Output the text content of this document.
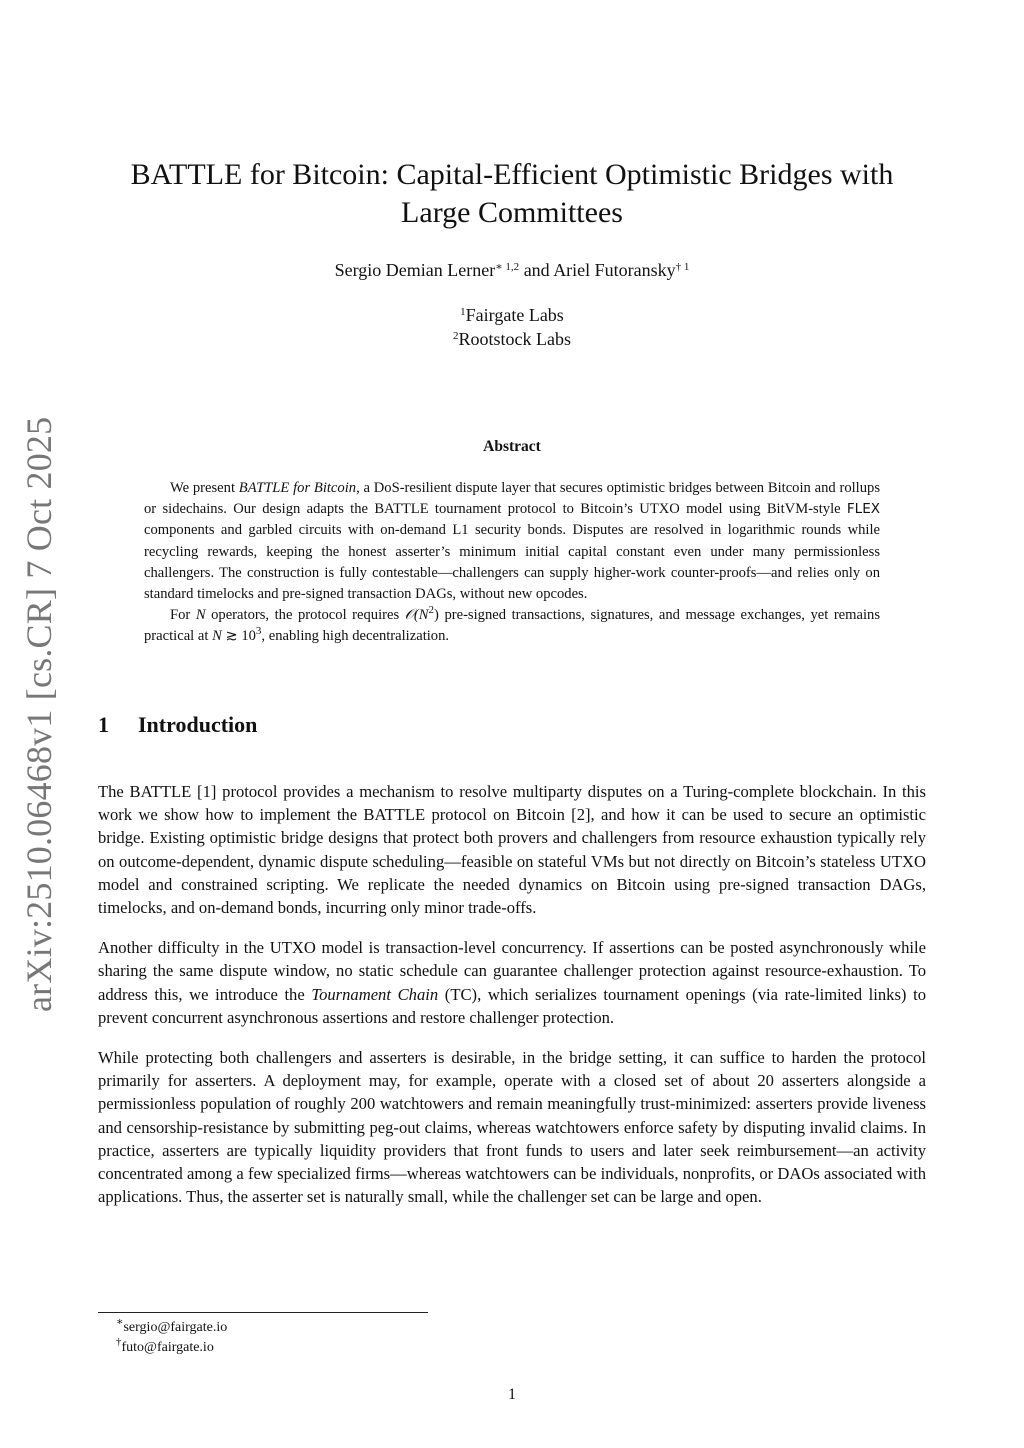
arXiv:2510.06468v1 [cs.CR] 7 Oct 2025
BATTLE for Bitcoin: Capital-Efficient Optimistic Bridges with
Large Committees
Sergio Demian Lerner$^{∗ 1,2}$ and Ariel Futoransky$^{\dagger 1}$
$^1$Fairgate Labs
$^2$Rootstock Labs
Abstract

We present BATTLE for Bitcoin, a DoS-resilient dispute layer that secures optimistic bridges between Bitcoin and rollups or sidechains. Our design adapts the BATTLE tournament protocol to Bitcoin’s UTXO model using BitVM-style FLEX components and garbled circuits with on-demand L1 security bonds. Disputes are resolved in logarithmic rounds while recycling rewards, keeping the honest asserter’s minimum initial capital constant even under many permissionless challengers. The construction is fully contestable—challengers can supply higher-work counter-proofs—and relies only on standard timelocks and pre-signed transaction DAGs, without new opcodes.

For N operators, the protocol requires $𝒪(N^2)$ pre-signed transactions, signatures, and message exchanges, yet remains practical at N ≳ $10^3$, enabling high decentralization.

1 Introduction

The BATTLE [1] protocol provides a mechanism to resolve multiparty disputes on a Turing-complete blockchain. In this work we show how to implement the BATTLE protocol on Bitcoin [2], and how it can be used to secure an optimistic bridge. Existing optimistic bridge designs that protect both provers and challengers from resource exhaustion typically rely on outcome-dependent, dynamic dispute scheduling—feasible on stateful VMs but not directly on Bitcoin’s stateless UTXO model and constrained scripting. We replicate the needed dynamics on Bitcoin using pre-signed transaction DAGs, timelocks, and on-demand bonds, incurring only minor trade-offs.

Another difficulty in the UTXO model is transaction-level concurrency. If assertions can be posted asynchronously while sharing the same dispute window, no static schedule can guarantee challenger protection against resource-exhaustion. To address this, we introduce the Tournament Chain (TC), which serializes tournament openings (via rate-limited links) to prevent concurrent asynchronous assertions and restore challenger protection.

While protecting both challengers and asserters is desirable, in the bridge setting, it can suffice to harden the protocol primarily for asserters. A deployment may, for example, operate with a closed set of about 20 asserters alongside a permissionless population of roughly 200 watchtowers and remain meaningfully trust-minimized: asserters provide liveness and censorship-resistance by submitting peg-out claims, whereas watchtowers enforce safety by disputing invalid claims. In practice, asserters are typically liquidity providers that front funds to users and later seek reimbursement—an activity concentrated among a few specialized firms—whereas watchtowers can be individuals, nonprofits, or DAOs associated with applications. Thus, the asserter set is naturally small, while the challenger set can be large and open.

∗sergio@fairgate.io
†futo@fairgate.io
1
